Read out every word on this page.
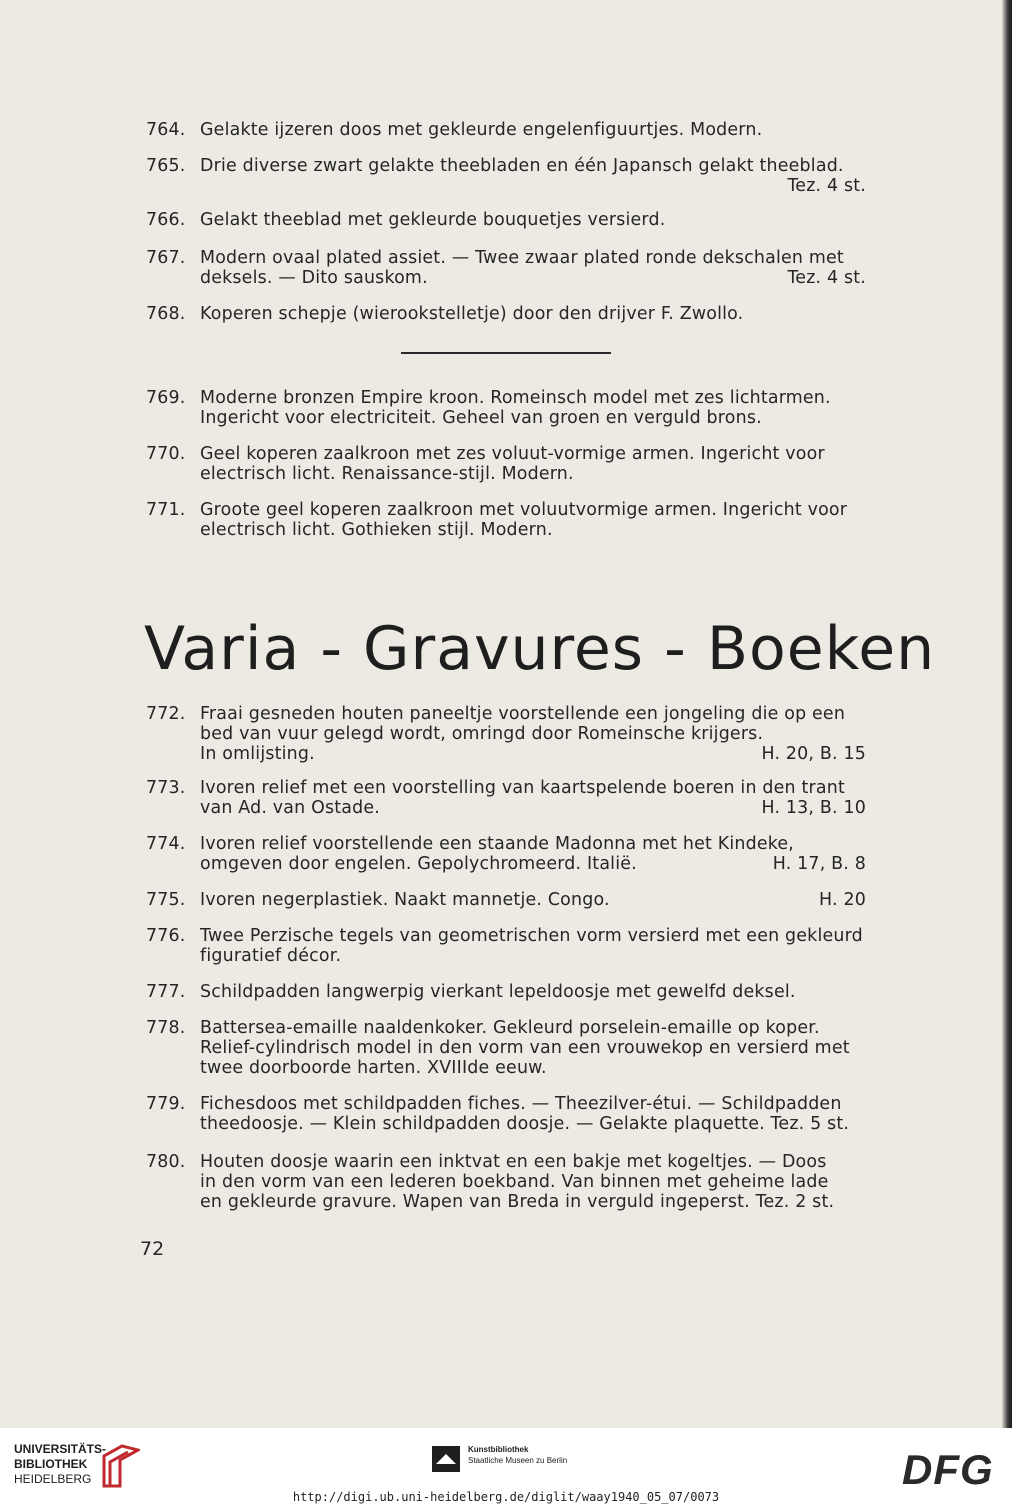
764. Gelakte ijzeren doos met gekleurde engelenfiguurtjes. Modern.
765. Drie diverse zwart gelakte theebladen en één Japansch gelakt theeblad.
Tez. 4 st.
766. Gelakt theeblad met gekleurde bouquetjes versierd.
767. Modern ovaal plated assiet. — Twee zwaar plated ronde dekschalen met
deksels. — Dito sauskom.	Tez. 4 st.
768. Koperen schepje (wierookstelletje) door den drijver F. Zwollo.
769. Moderne bronzen Empire kroon. Romeinsch model met zes lichtarmen.
Ingericht voor electriciteit. Geheel van groen en verguld brons.
770. Geel koperen zaalkroon met zes voluut-vormige armen. Ingericht voor
electrisch licht. Renaissance-stijl. Modern.
771. Groote geel koperen zaalkroon met voluutvormige armen. Ingericht voor
electrisch licht. Gothieken stijl. Modern.
Varia - Gravures - Boeken
772. Fraai gesneden houten paneeltje voorstellende een jongeling die op een
bed van vuur gelegd wordt, omringd door Romeinsche krijgers.
In omlijsting.	H. 20, B. 15
773. Ivoren relief met een voorstelling van kaartspelende boeren in den trant
van Ad. van Ostade.	H. 13, B. 10
774. Ivoren relief voorstellende een staande Madonna met het Kindeke,
omgeven door engelen. Gepolychromeerd. Italië.	H. 17, B. 8
775. Ivoren negerplastiek. Naakt mannetje. Congo.	H. 20
776. Twee Perzische tegels van geometrischen vorm versierd met een gekleurd
figuratief décor.
777. Schildpadden langwerpig vierkant lepeldoosje met gewelfd deksel.
778. Battersea-emaille naaldenkoker. Gekleurd porselein-emaille op koper.
Relief-cylindrisch model in den vorm van een vrouwekop en versierd met
twee doorboorde harten. XVIIIde eeuw.
779. Fichesdoos met schildpadden fiches. — Theezilver-étui. — Schildpadden
theedoosje. — Klein schildpadden doosje. — Gelakte plaquette. Tez. 5 st.
780. Houten doosje waarin een inktvat en een bakje met kogeltjes. — Doos
in den vorm van een lederen boekband. Van binnen met geheime lade
en gekleurde gravure. Wapen van Breda in verguld ingeperst. Tez. 2 st.
72
UNIVERSITÄTS-
BIBLIOTHEK
HEIDELBERG
Kunstbibliothek
Staatliche Museen zu Berlin	DFG
http://digi.ub.uni-heidelberg.de/diglit/waay1940_05_07/0073
